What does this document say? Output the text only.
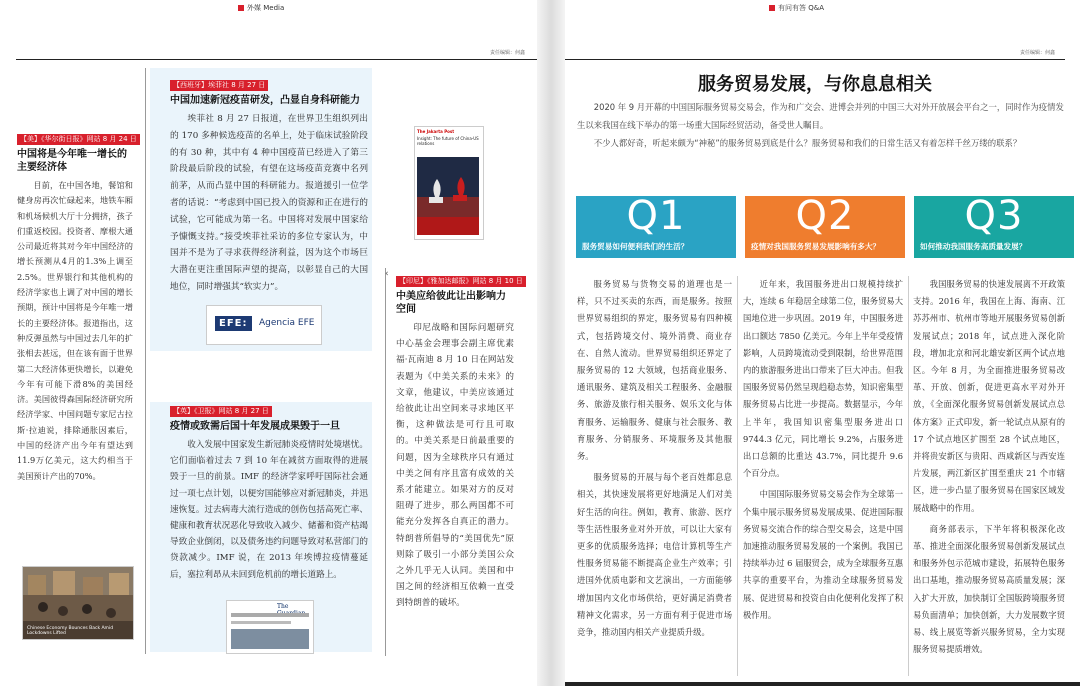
外媒 Media
责任编辑：何鑫
【美】《华尔街日报》网站 8 月 24 日
中国将是今年唯一增长的主要经济体

目前，在中国各地，餐馆和健身房再次忙碌起来，地铁车厢和机场候机大厅十分拥挤，孩子们重返校园。投资者、摩根大通公司最近将其对今年中国经济的增长预测从4月的1.3%上调至2.5%。世界银行和其他机构的经济学家也上调了对中国的增长预期，预计中国将是今年唯一增长的主要经济体。报道指出，这种反弹虽然与中国过去几年的扩张相去甚远，但在该有面于世界第二大经济体更快增长，以避免今年有可能下滑8%的美国经济。美国彼得森国际经济研究所经济学家、中国问题专家尼古拉斯·拉迪说，排除通胀因素后，中国的经济产出今年有望达到11.9万亿美元，这大约相当于美国预计产出的70%。

Chinese Economy Bounces Back Amid Lockdowns Lifted
【西班牙】埃菲社 8 月 27 日
中国加速新冠疫苗研发，凸显自身科研能力

埃菲社 8 月 27 日报道，在世界卫生组织列出的 170 多种候选疫苗的名单上，处于临床试验阶段的有 30 种，其中有 4 种中国疫苗已经进入了第三阶段最后阶段的试验，有望在这场疫苗竞赛中名列前茅，从而凸显中国的科研能力。报道援引一位学者的话说：“考虑到中国已投入的资源和正在进行的试验，它可能成为第一名。中国将对发展中国家给予慷慨支持。”接受埃菲社采访的多位专家认为，中国并不是为了寻求获得经济利益，因为这个市场巨大潜在更注重国际声望的提高，以彰显自己的大国地位，同时增强其“软实力”。

EFE:	Agencia EFE
【英】《卫报》网站 8 月 27 日
疫情或致需后国十年发展成果毁于一旦

收入发展中国家发生新冠肺炎疫情时处境堪忧。它们面临着过去 7 到 10 年在减贫方面取得的进展毁于一旦的前景。IMF 的经济学家呼吁国际社会通过一项七点计划，以便穷国能够应对新冠肺炎，并迅速恢复。过去病毒大流行造成的创伤包括高死亡率、健康和教育状况恶化导致收入减少、储蓄和资产枯竭导致企业倒闭，以及债务违约问题导致对私营部门的贷款减少。IMF 说，在 2013 年埃博拉疫情蔓延后，塞拉利昂从未回到危机前的增长道路上。

The
The Jakarta Post
Insight: The future of China-US relations
‹
【印尼】《雅加达邮报》网站 8 月 10 日
中美应给彼此让出影响力空间

印尼战略和国际问题研究中心基金会理事会副主席优素福·瓦南迪 8 月 10 日在网站发表题为《中美关系的未来》的文章，他建议，中美应该通过给彼此让出空间来寻求地区平衡，这种做法是可行且可取的。中美关系是日前最重要的问题，因为全球秩序只有通过中美之间有序且富有成效的关系才能建立。如果对方的反对阻碍了进步，那么两国都不可能充分发挥各自真正的潜力。特朗普所倡导的“美国优先”原则除了吸引一小部分美国公众之外几乎无人认同。美国和中国之间的经济相互依赖一直受到特朗普的破坏。

有问有答 Q&A
责任编辑：何鑫
服务贸易发展，与你息息相关

2020 年 9 月开幕的中国国际服务贸易交易会，作为和广交会、进博会并列的中国三大对外开放展会平台之一，同时作为疫情发生以来我国在线下举办的第一场重大国际经贸活动，备受世人瞩目。

不少人都好奇，听起来颇为“神秘”的服务贸易到底是什么？服务贸易和我们的日常生活又有着怎样千丝万缕的联系？

Q1
服务贸易如何便利我们的生活？
Q2
疫情对我国服务贸易发展影响有多大？
Q3
如何推动我国服务高质量发展？

服务贸易与货物交易的道理也是一样，只不过买卖的东西，而是服务。按照世界贸易组织的界定，服务贸易有四种模式，包括跨境交付、境外消费、商业存在、自然人流动。世界贸易组织还界定了服务贸易的 12 大领域，包括商业服务、通讯服务、建筑及相关工程服务、金融服务、旅游及旅行相关服务、娱乐文化与体育服务、运输服务、健康与社会服务、教育服务、分销服务、环境服务及其他服务。

服务贸易的开展与每个老百姓都息息相关，其快速发展将更好地满足人们对美好生活的向往。例如，教育、旅游、医疗等生活性服务业对外开放，可以让大家有更多的优质服务选择；电信计算机等生产性服务贸易能不断提高企业生产效率；引进国外优质电影和文艺演出，一方面能够增加国内文化市场供给，更好满足消费者精神文化需求，另一方面有利于促进市场竞争，推动国内相关产业提质升级。

近年来，我国服务进出口规模持续扩大，连续 6 年稳居全球第二位，服务贸易大国地位进一步巩固。2019 年，中国服务进出口额达 7850 亿美元。今年上半年受疫情影响，人员跨境流动受到限制，给世界范围内的旅游服务进出口带来了巨大冲击。但我国服务贸易仍然呈现趋稳态势，知识密集型服务贸易占比进一步提高。数据显示，今年上半年，我国知识密集型服务进出口 9744.3 亿元，同比增长 9.2%，占服务进出口总额的比重达 43.7%，同比提升 9.6 个百分点。

中国国际服务贸易交易会作为全球第一个集中展示服务贸易发展成果、促进国际服务贸易交流合作的综合型交易会，这是中国加速推动服务贸易发展的一个案例。我国已持续举办过 6 届服贸会，成为全球服务互惠共享的重要平台，为推动全球服务贸易发展、促进贸易和投资自由化便利化发挥了积极作用。

我国服务贸易的快速发展离不开政策支持。2016 年，我国在上海、海南、江苏苏州市、杭州市等地开展服务贸易创新发展试点；2018 年，试点进入深化阶段，增加北京和河北雄安新区两个试点地区。今年 8 月，为全面推进服务贸易改革、开放、创新，促进更高水平对外开放，《全面深化服务贸易创新发展试点总体方案》正式印发，新一轮试点从原有的 17 个试点地区扩围至 28 个试点地区，并将贵安新区与贵阳、西咸新区与西安连片发展，两江新区扩围至重庆 21 个市辖区，进一步凸显了服务贸易在国家区域发展战略中的作用。

商务部表示，下半年将积极深化改革、推进全面深化服务贸易创新发展试点和服务外包示范城市建设，拓展特色服务出口基地，推动服务贸易高质量发展；深入扩大开放，加快制订全国版跨境服务贸易负面清单；加快创新，大力发展数字贸易、线上展览等新兴服务贸易，全力实现服务贸易提质增效。
